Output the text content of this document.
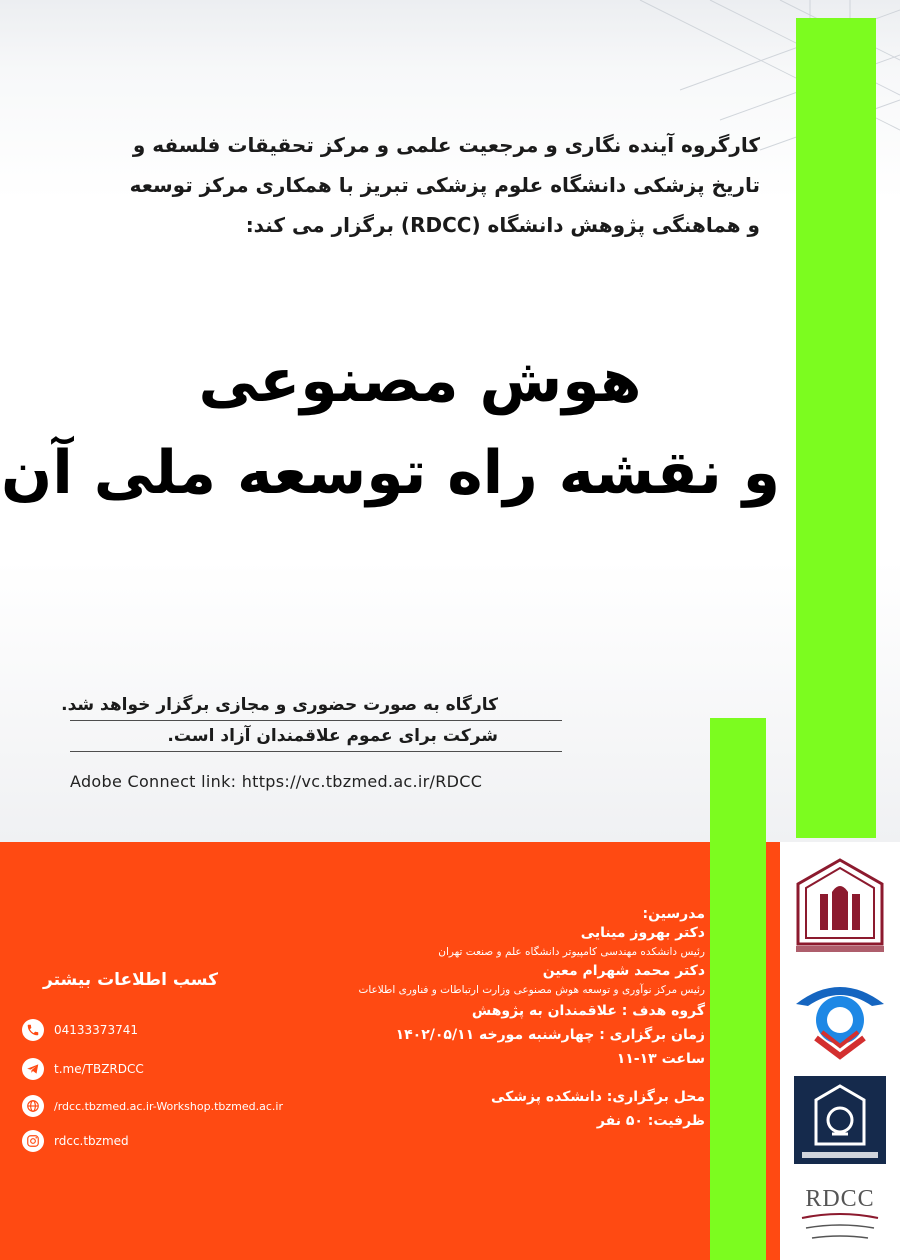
کارگروه آینده نگاری و مرجعیت علمی و مرکز تحقیقات فلسفه و
تاریخ پزشکی دانشگاه علوم پزشکی تبریز با همکاری مرکز توسعه
و هماهنگی پژوهش دانشگاه (RDCC) برگزار می کند:
هوش مصنوعی
و نقشه راه توسعه ملی آن
کارگاه به صورت حضوری و مجازی برگزار خواهد شد.
شرکت برای عموم علاقمندان آزاد است.
Adobe Connect link: https://vc.tbzmed.ac.ir/RDCC
RDCC
مدرسین:
دکتر بهروز مینایی
رئیس دانشکده مهندسی کامپیوتر دانشگاه علم و صنعت تهران
دکتر محمد شهرام معین
رئیس مرکز نوآوری و توسعه هوش مصنوعی وزارت ارتباطات و فناوری اطلاعات
گروه هدف : علاقمندان به پژوهش
زمان برگزاری : چهارشنبه مورخه ۱۴۰۲/۰۵/۱۱
ساعت ۱۳-۱۱
محل برگزاری: دانشکده پزشکی
ظرفیت: ۵۰ نفر
کسب اطلاعات بیشتر
04133373741
t.me/TBZRDCC
/rdcc.tbzmed.ac.ir-Workshop.tbzmed.ac.ir
rdcc.tbzmed
